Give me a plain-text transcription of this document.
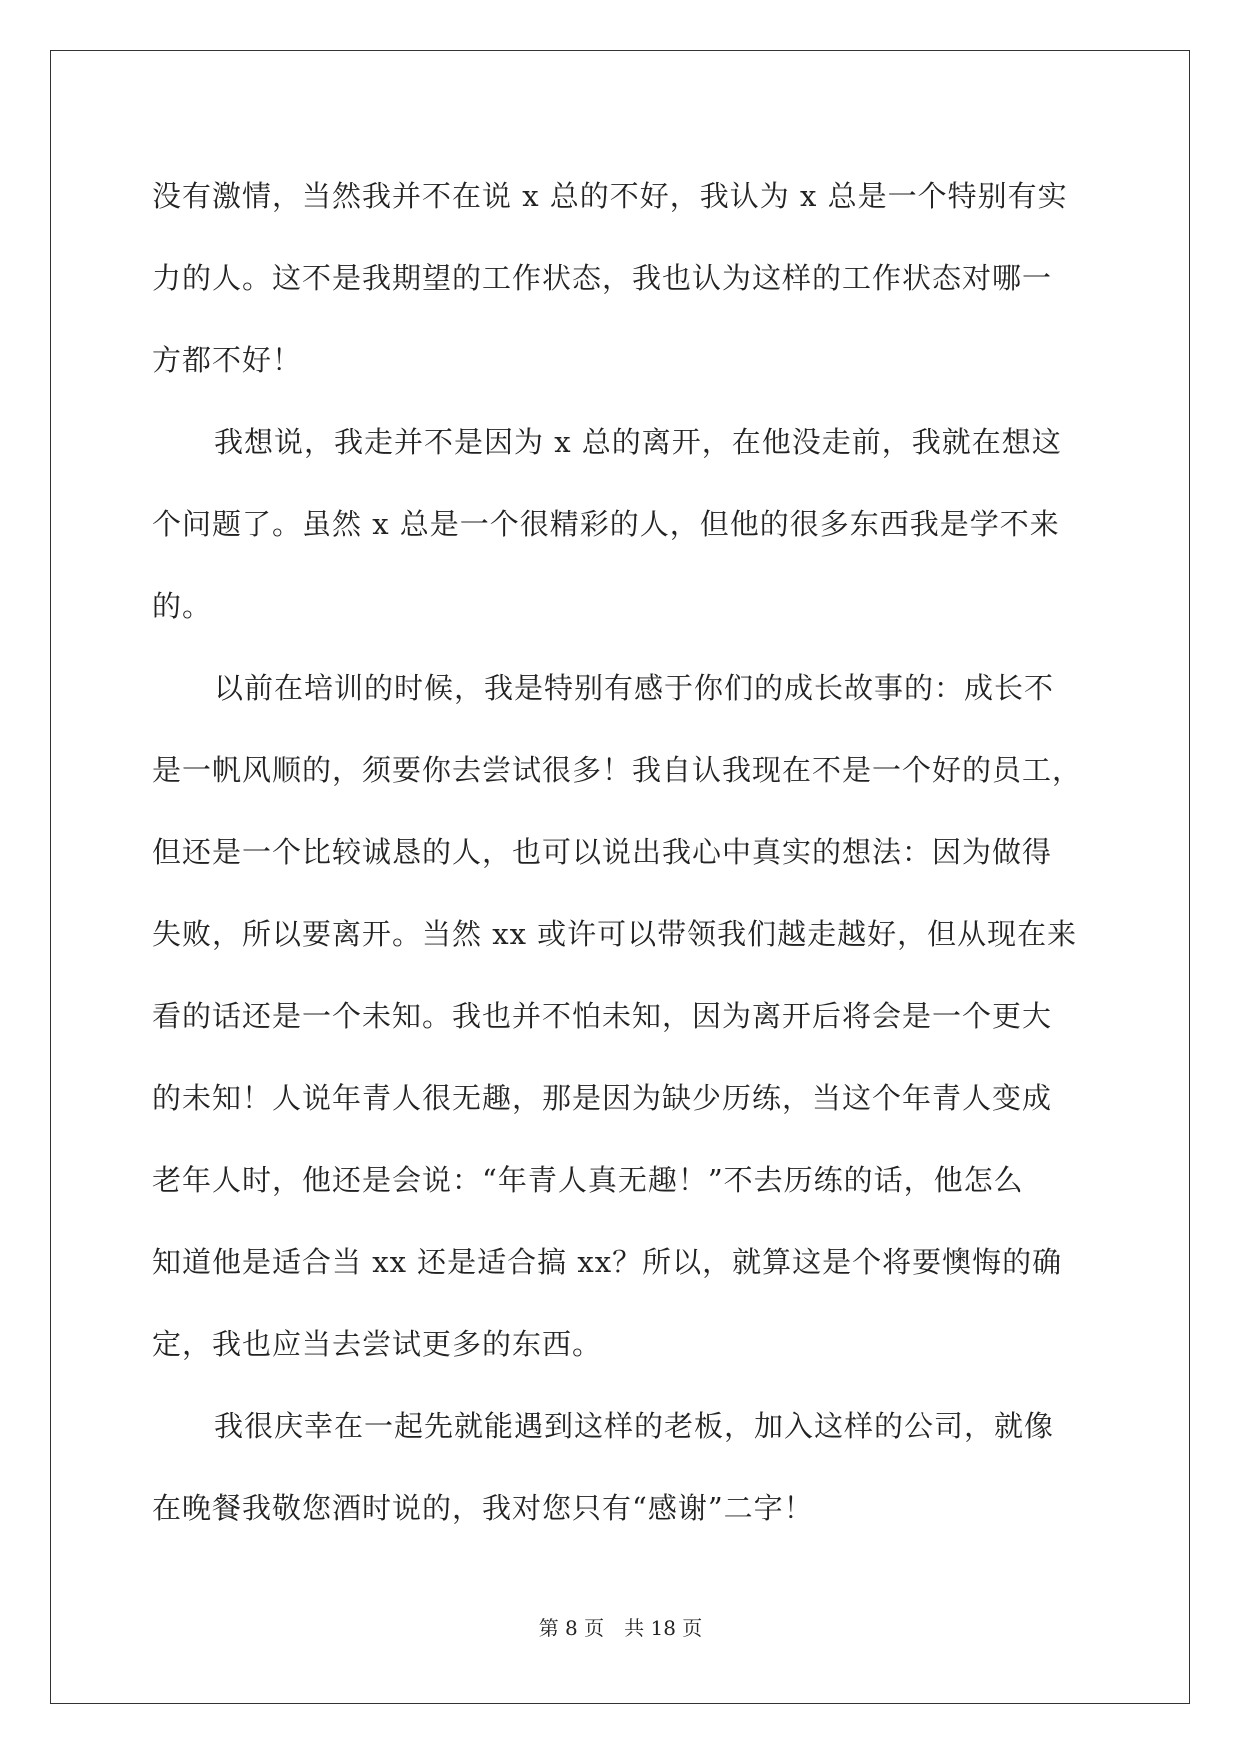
没有激情，当然我并不在说 x 总的不好，我认为 x 总是一个特别有实
力的人。这不是我期望的工作状态，我也认为这样的工作状态对哪一
方都不好！
我想说，我走并不是因为 x 总的离开，在他没走前，我就在想这
个问题了。虽然 x 总是一个很精彩的人，但他的很多东西我是学不来
的。
以前在培训的时候，我是特别有感于你们的成长故事的：成长不
是一帆风顺的，须要你去尝试很多！我自认我现在不是一个好的员工，
但还是一个比较诚恳的人，也可以说出我心中真实的想法：因为做得
失败，所以要离开。当然 xx 或许可以带领我们越走越好，但从现在来
看的话还是一个未知。我也并不怕未知，因为离开后将会是一个更大
的未知！人说年青人很无趣，那是因为缺少历练，当这个年青人变成
老年人时，他还是会说：“年青人真无趣！”不去历练的话，他怎么
知道他是适合当 xx 还是适合搞 xx？所以，就算这是个将要懊悔的确
定，我也应当去尝试更多的东西。
我很庆幸在一起先就能遇到这样的老板，加入这样的公司，就像
在晚餐我敬您酒时说的，我对您只有“感谢”二字！
第 8 页　共 18 页
